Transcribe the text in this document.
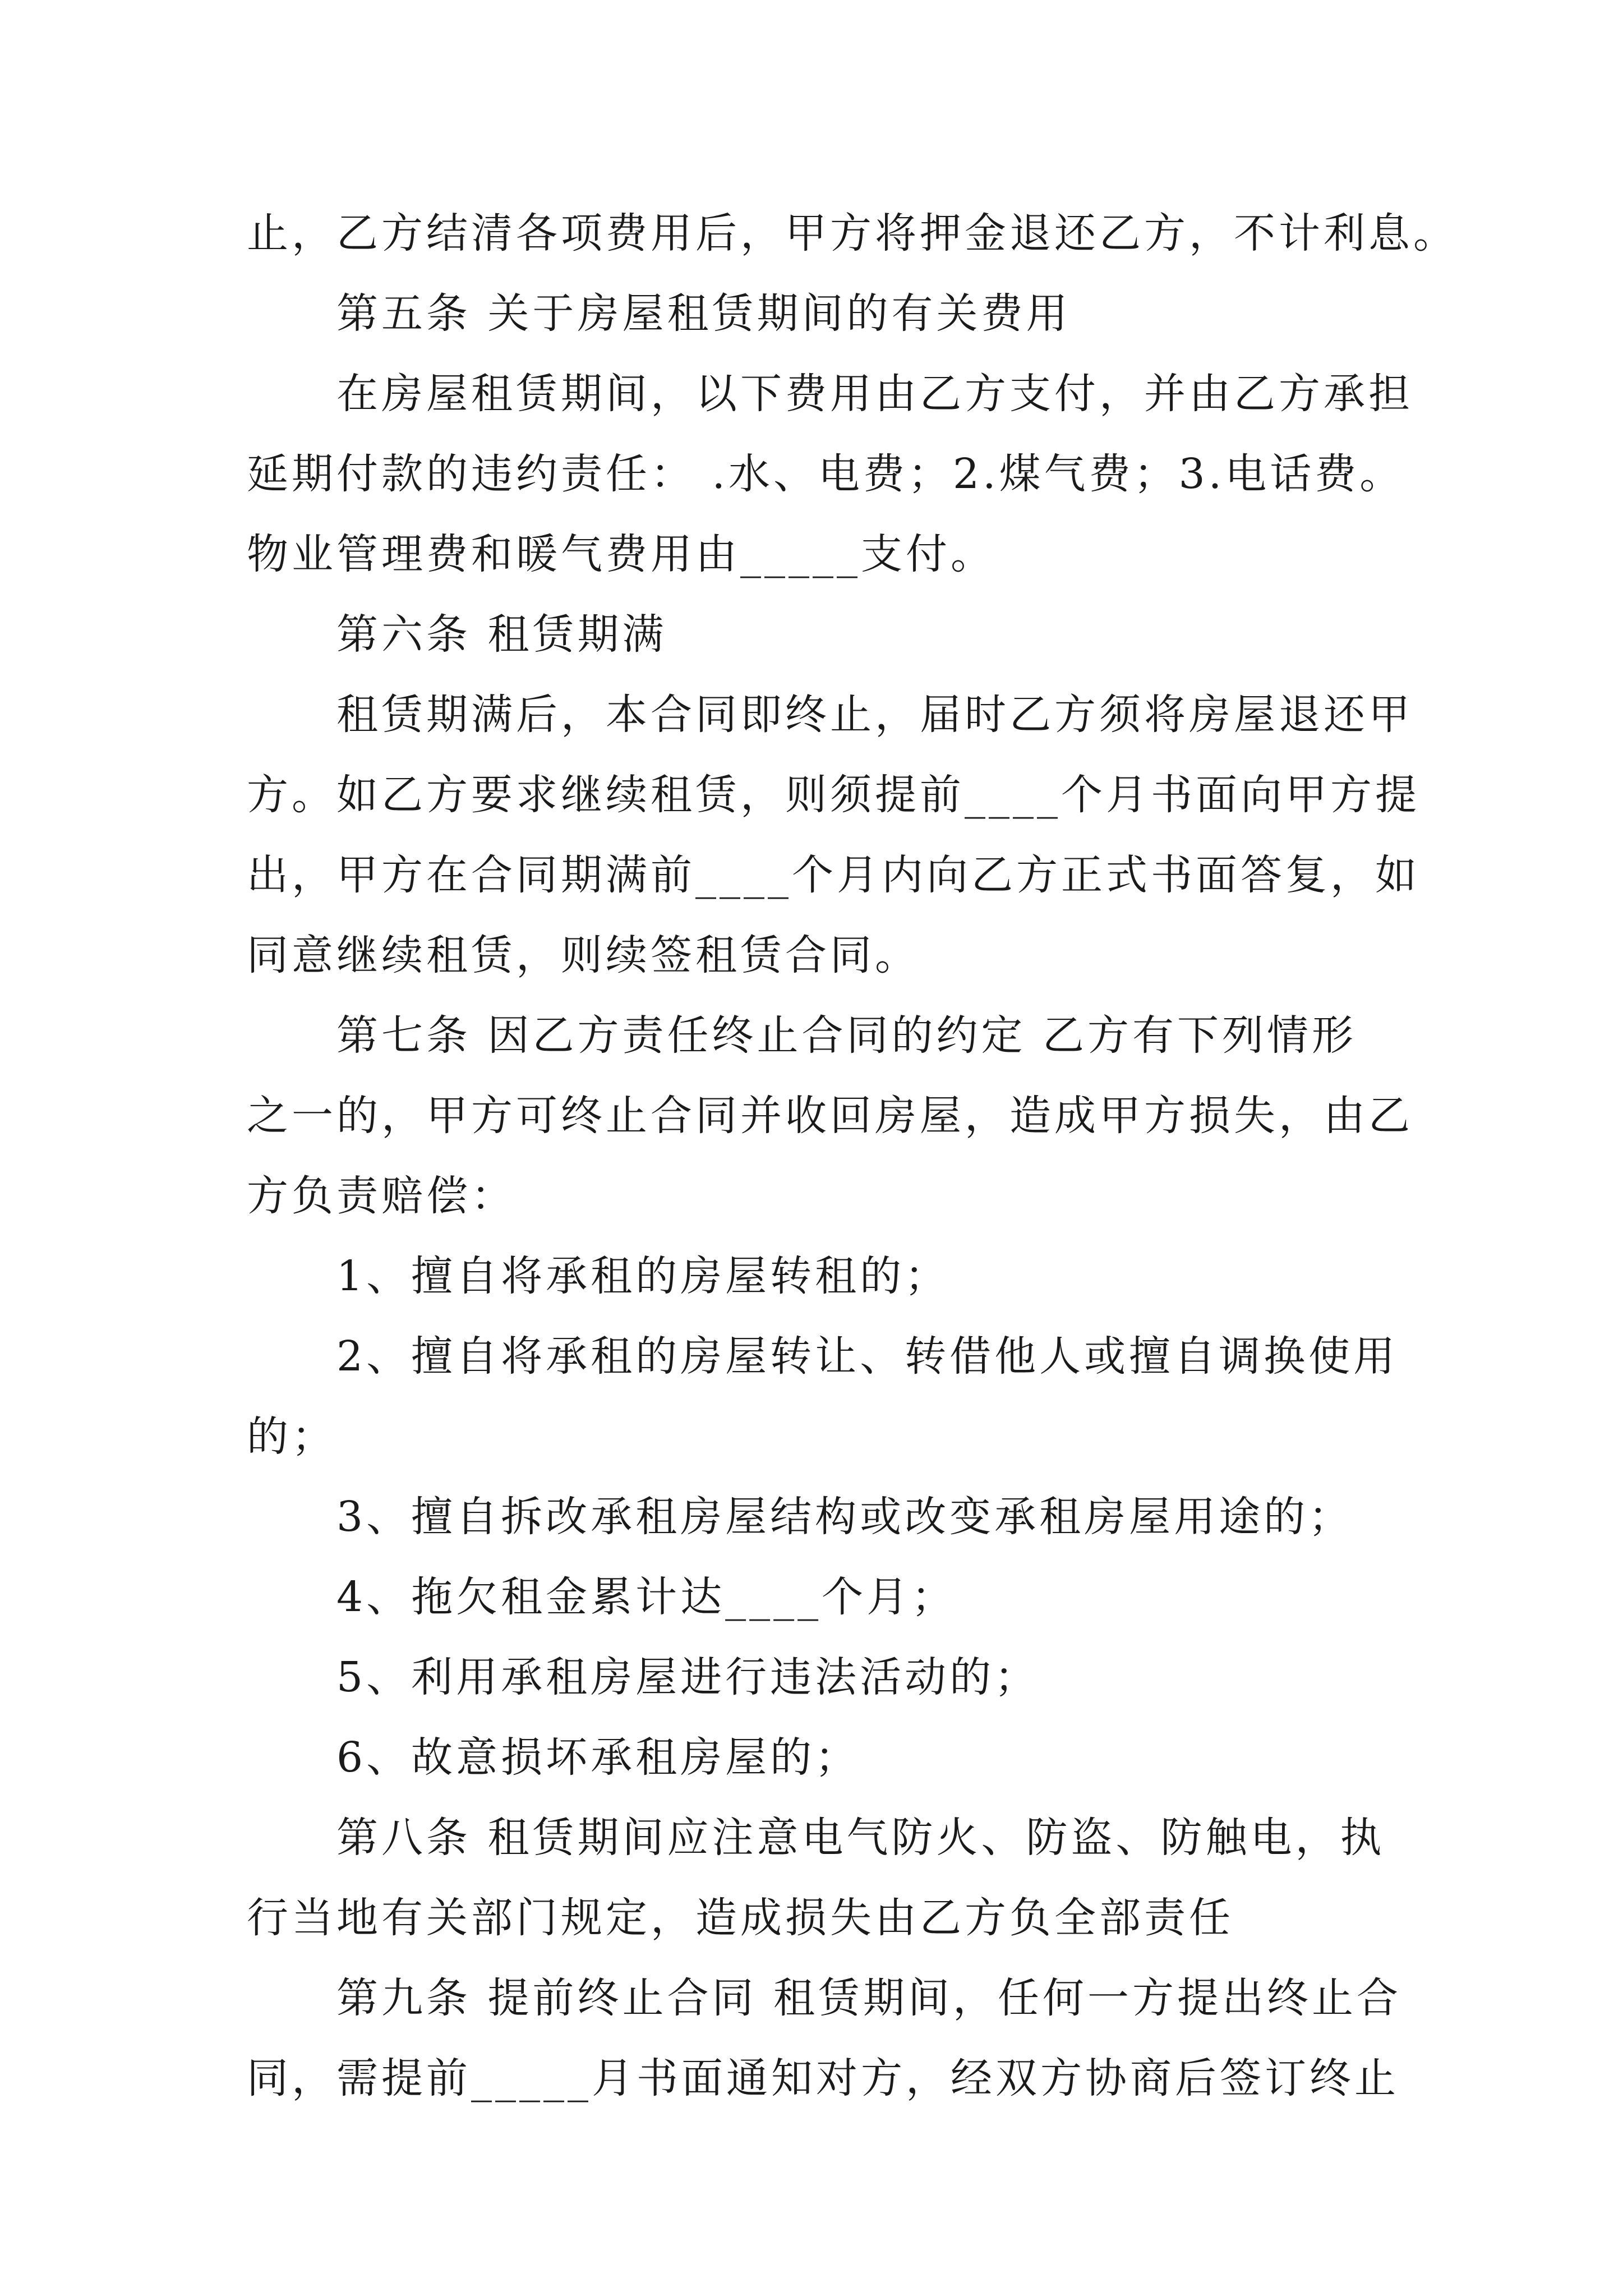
止，乙方结清各项费用后，甲方将押金退还乙方，不计利息。
第五条 关于房屋租赁期间的有关费用
在房屋租赁期间，以下费用由乙方支付，并由乙方承担
延期付款的违约责任： .水、电费；2.煤气费；3.电话费。
物业管理费和暖气费用由_____支付。
第六条 租赁期满
租赁期满后，本合同即终止，届时乙方须将房屋退还甲
方。如乙方要求继续租赁，则须提前____个月书面向甲方提
出，甲方在合同期满前____个月内向乙方正式书面答复，如
同意继续租赁，则续签租赁合同。
第七条 因乙方责任终止合同的约定 乙方有下列情形
之一的，甲方可终止合同并收回房屋，造成甲方损失，由乙
方负责赔偿：
1、擅自将承租的房屋转租的；
2、擅自将承租的房屋转让、转借他人或擅自调换使用
的；
3、擅自拆改承租房屋结构或改变承租房屋用途的；
4、拖欠租金累计达____个月；
5、利用承租房屋进行违法活动的；
6、故意损坏承租房屋的；
第八条 租赁期间应注意电气防火、防盗、防触电，执
行当地有关部门规定，造成损失由乙方负全部责任
第九条 提前终止合同 租赁期间，任何一方提出终止合
同，需提前_____月书面通知对方，经双方协商后签订终止
